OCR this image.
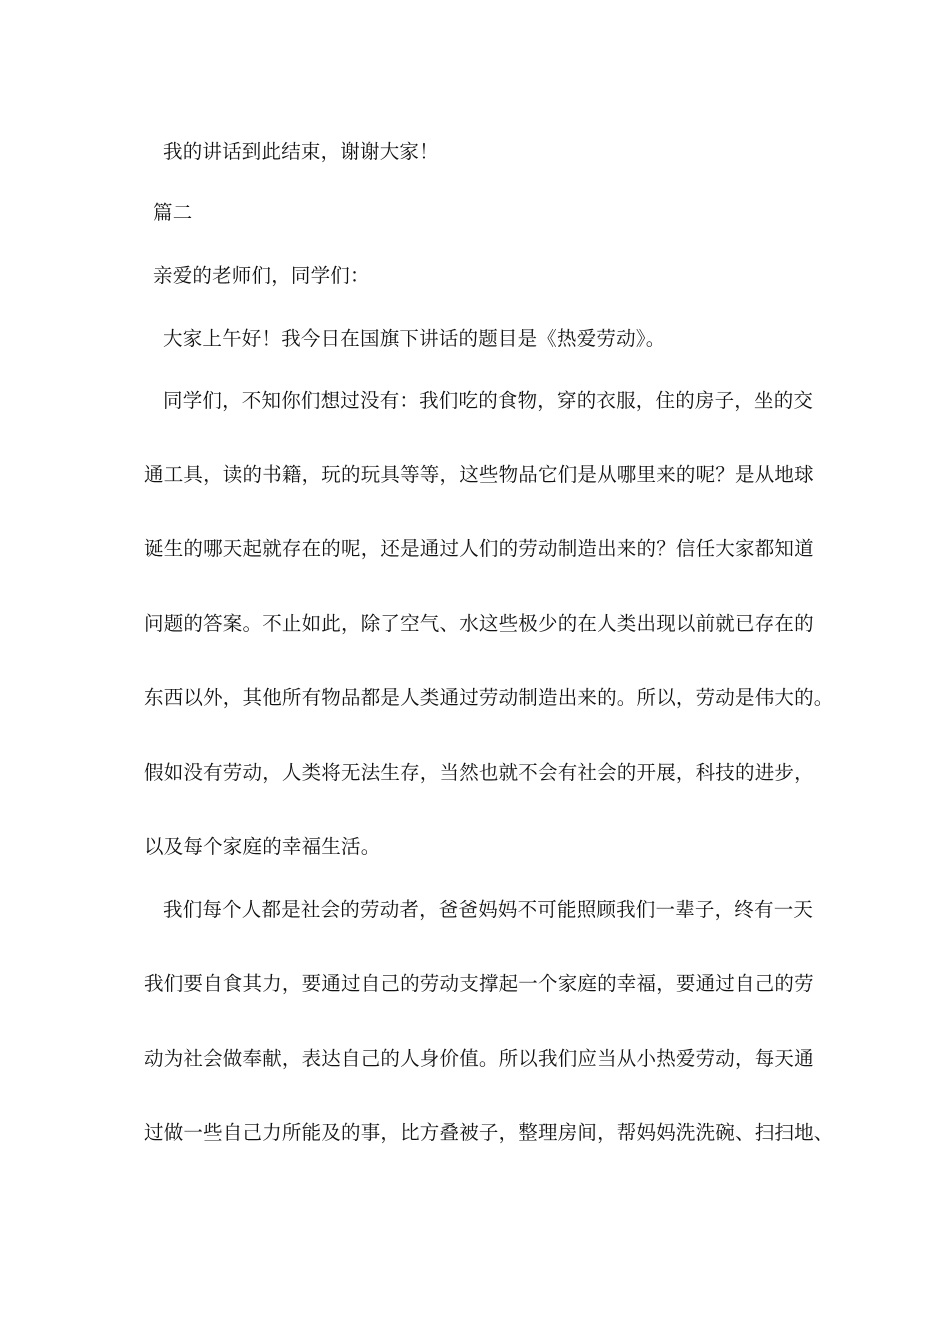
我的讲话到此结束，谢谢大家！
篇二
亲爱的老师们，同学们：
大家上午好！我今日在国旗下讲话的题目是《热爱劳动》。
同学们，不知你们想过没有：我们吃的食物，穿的衣服，住的房子，坐的交
通工具，读的书籍，玩的玩具等等，这些物品它们是从哪里来的呢？是从地球
诞生的哪天起就存在的呢，还是通过人们的劳动制造出来的？信任大家都知道
问题的答案。不止如此，除了空气、水这些极少的在人类出现以前就已存在的
东西以外，其他所有物品都是人类通过劳动制造出来的。所以，劳动是伟大的。
假如没有劳动，人类将无法生存，当然也就不会有社会的开展，科技的进步，
以及每个家庭的幸福生活。
我们每个人都是社会的劳动者，爸爸妈妈不可能照顾我们一辈子，终有一天
我们要自食其力，要通过自己的劳动支撑起一个家庭的幸福，要通过自己的劳
动为社会做奉献，表达自己的人身价值。所以我们应当从小热爱劳动，每天通
过做一些自己力所能及的事，比方叠被子，整理房间，帮妈妈洗洗碗、扫扫地、
